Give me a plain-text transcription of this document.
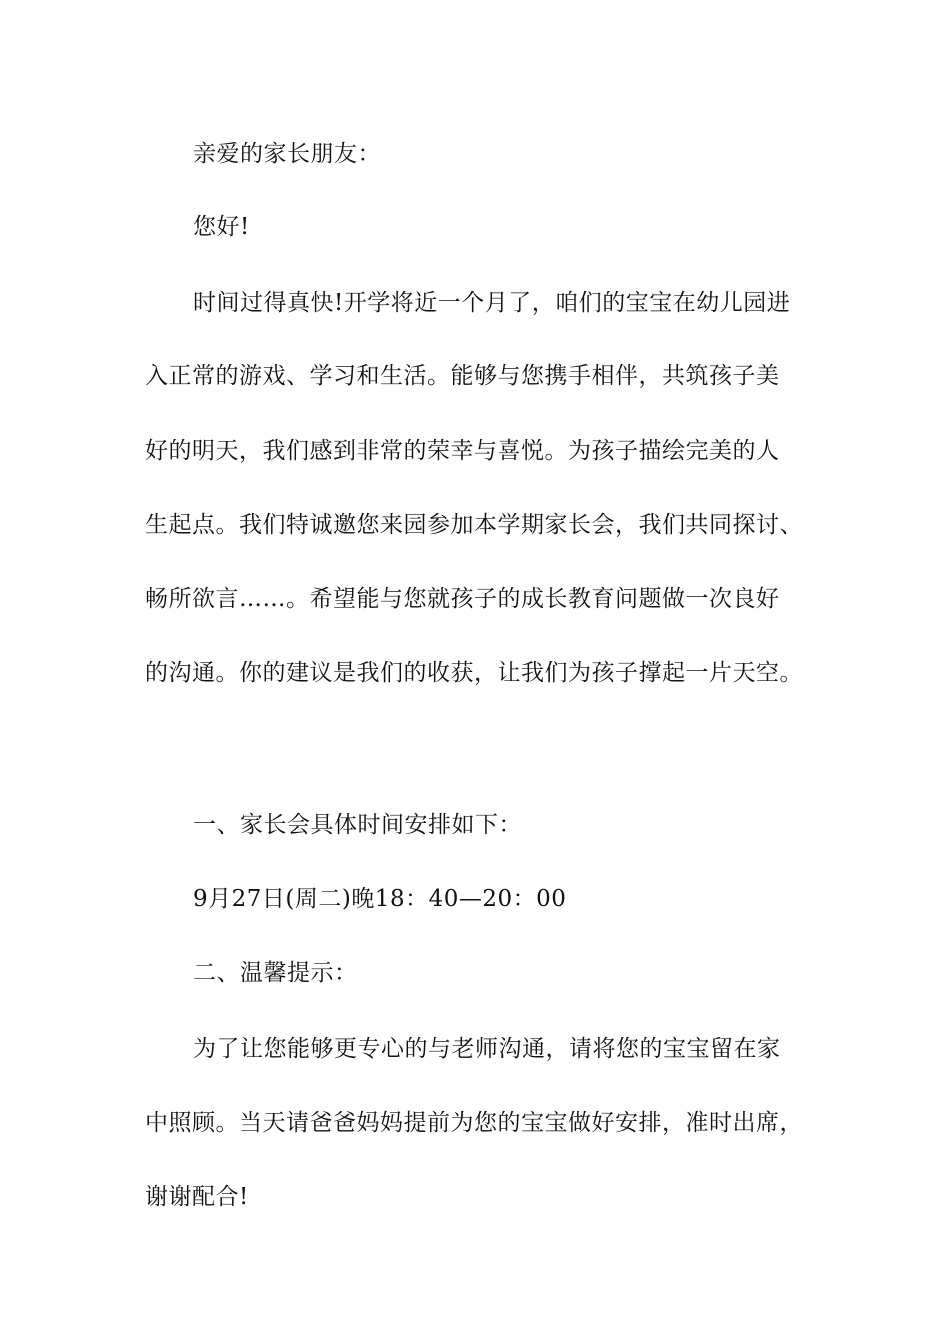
亲爱的家长朋友：
您好!
时间过得真快!开学将近一个月了，咱们的宝宝在幼儿园进
入正常的游戏、学习和生活。能够与您携手相伴，共筑孩子美
好的明天，我们感到非常的荣幸与喜悦。为孩子描绘完美的人
生起点。我们特诚邀您来园参加本学期家长会，我们共同探讨、
畅所欲言……。希望能与您就孩子的成长教育问题做一次良好
的沟通。你的建议是我们的收获，让我们为孩子撑起一片天空。
一、家长会具体时间安排如下：
9月27日(周二)晚18：40—20：00
二、温馨提示：
为了让您能够更专心的与老师沟通，请将您的宝宝留在家
中照顾。当天请爸爸妈妈提前为您的宝宝做好安排，准时出席，
谢谢配合!
